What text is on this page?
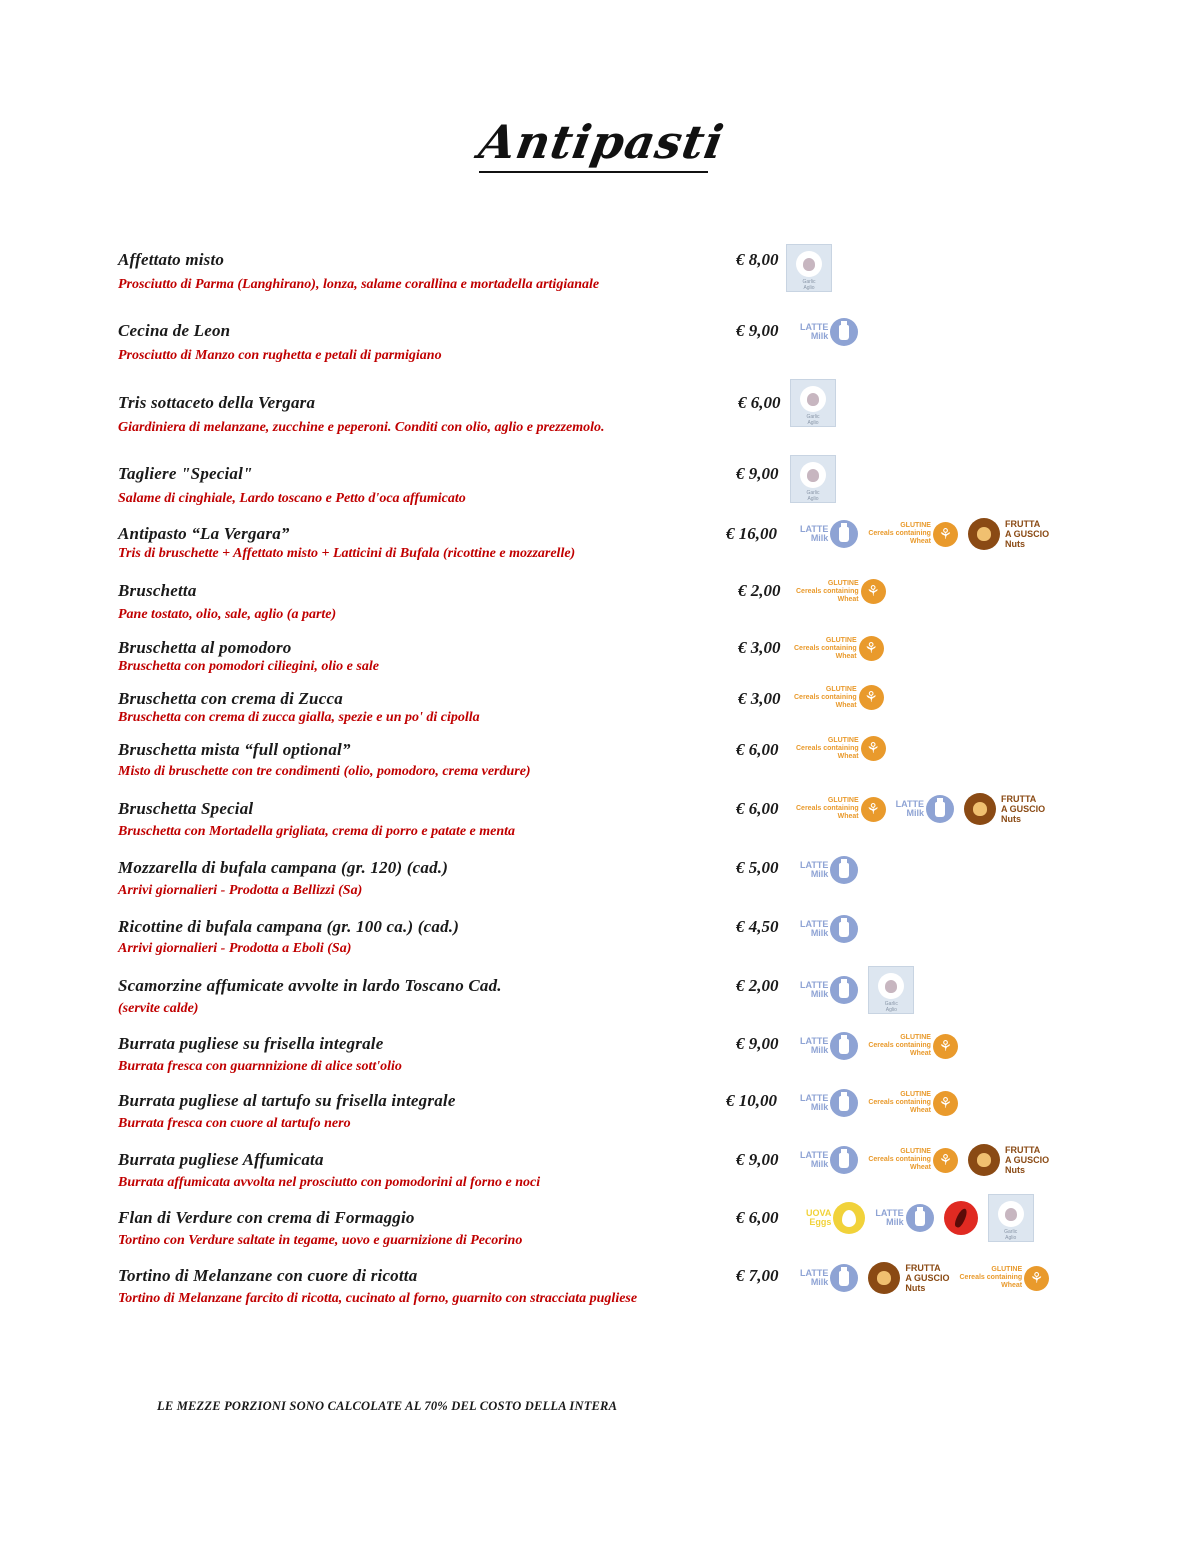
Antipasti
Affettato misto
Prosciutto di Parma (Langhirano), lonza, salame corallina e mortadella artigianale
€ 8,00
Garlic
Aglio
Cecina de Leon
Prosciutto di Manzo con rughetta e petali di parmigiano
€ 9,00 LATTE
Milk
Tris sottaceto della Vergara
Giardiniera di melanzane, zucchine e peperoni. Conditi con olio, aglio e prezzemolo.
€ 6,00
Garlic
Aglio
Tagliere "Special"
Salame di cinghiale, Lardo toscano e Petto d'oca affumicato
€ 9,00
Garlic
Aglio
Antipasto “La Vergara”
Tris di bruschette + Affettato misto + Latticini di Bufala (ricottine e mozzarelle)
€ 16,00	LATTE
Milk
GLUTINE
Cereals containing
Wheat ⚘
FRUTTA
A GUSCIO
Nuts
Bruschetta
Pane tostato, olio, sale, aglio (a parte)
€ 2,00	GLUTINE
Cereals containing
Wheat ⚘
Bruschetta al pomodoro
Bruschetta con pomodori ciliegini, olio e sale
€ 3,00	GLUTINE
Cereals containing
Wheat ⚘
Bruschetta con crema di Zucca
Bruschetta con crema di zucca gialla, spezie e un po' di cipolla
€ 3,00	GLUTINE
Cereals containing
Wheat ⚘
Bruschetta mista “full optional”
Misto di bruschette con tre condimenti (olio, pomodoro, crema verdure)
€ 6,00	GLUTINE
Cereals containing
Wheat ⚘
Bruschetta Special
Bruschetta con Mortadella grigliata, crema di porro e patate e menta
€ 6,00	GLUTINE
Cereals containing
Wheat ⚘ LATTE
Milk
FRUTTA
A GUSCIO
Nuts
Mozzarella di bufala campana (gr. 120) (cad.)
Arrivi giornalieri - Prodotta a Bellizzi (Sa)
€ 5,00 LATTE
Milk
Ricottine di bufala campana (gr. 100 ca.) (cad.)
Arrivi giornalieri - Prodotta a Eboli (Sa)
€ 4,50 LATTE
Milk
Scamorzine affumicate avvolte in lardo Toscano Cad.
(servite calde)
€ 2,00 LATTE
Milk
Garlic
Aglio
Burrata pugliese su frisella integrale
Burrata fresca con guarnnizione di alice sott'olio
€ 9,00 LATTE
Milk
GLUTINE
Cereals containing
Wheat ⚘
Burrata pugliese al tartufo su frisella integrale
Burrata fresca con cuore al tartufo nero
€ 10,00	LATTE
Milk
GLUTINE
Cereals containing
Wheat ⚘
Burrata pugliese Affumicata
Burrata affumicata avvolta nel prosciutto con pomodorini al forno e noci
€ 9,00 LATTE
Milk
GLUTINE
Cereals containing
Wheat ⚘
FRUTTA
A GUSCIO
Nuts
Flan di Verdure con crema di Formaggio
Tortino con Verdure saltate in tegame, uovo e guarnizione di Pecorino
€ 6,00	UOVA
Eggs
LATTE
Milk
Garlic
Aglio
Tortino di Melanzane con cuore di ricotta
Tortino di Melanzane farcito di ricotta, cucinato al forno, guarnito con stracciata pugliese
€ 7,00 LATTE
Milk
FRUTTA
A GUSCIO
Nuts
GLUTINE
Cereals containing
Wheat ⚘
LE MEZZE PORZIONI SONO CALCOLATE AL 70% DEL COSTO DELLA INTERA
